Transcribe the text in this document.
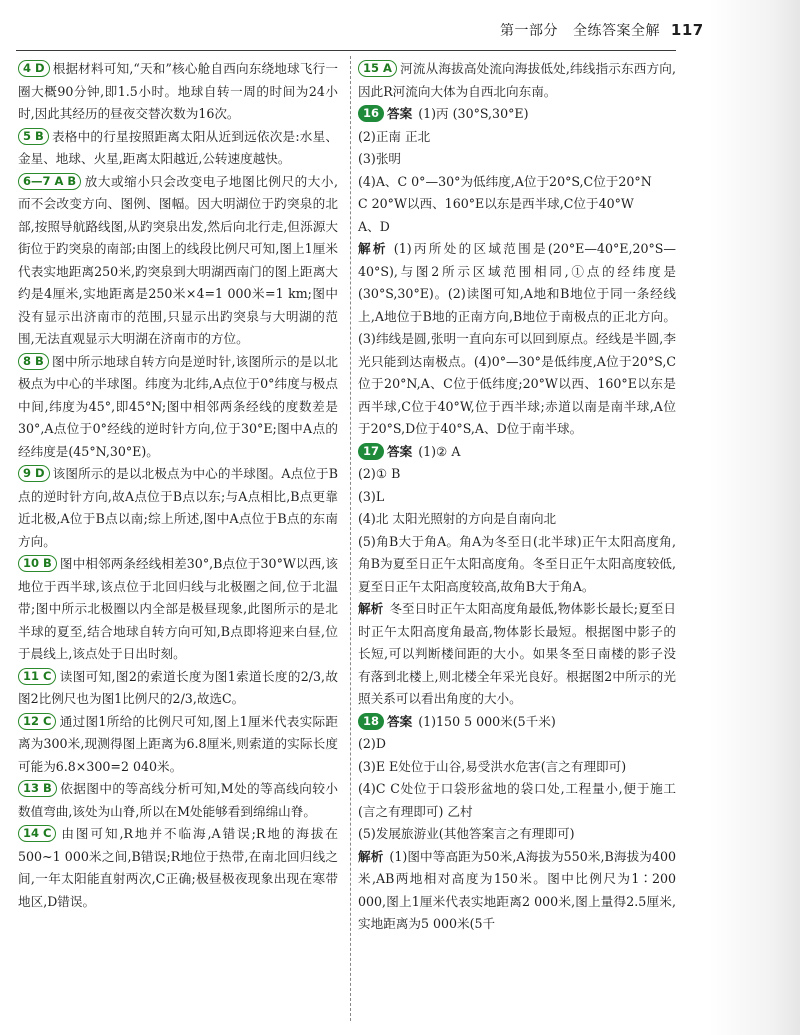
第一部分 全练答案全解 117

4 D 根据材料可知,“天和”核心舱自西向东绕地球飞行一圈大概90分钟,即1.5小时。地球自转一周的时间为24小时,因此其经历的昼夜交替次数为16次。

5 B 表格中的行星按照距离太阳从近到远依次是:水星、金星、地球、火星,距离太阳越近,公转速度越快。

6—7 A B 放大或缩小只会改变电子地图比例尺的大小,而不会改变方向、图例、图幅。因大明湖位于趵突泉的北部,按照导航路线图,从趵突泉出发,然后向北行走,但泺源大街位于趵突泉的南部;由图上的线段比例尺可知,图上1厘米代表实地距离250米,趵突泉到大明湖西南门的图上距离大约是4厘米,实地距离是250米×4=1 000米=1 km;图中没有显示出济南市的范围,只显示出趵突泉与大明湖的范围,无法直观显示大明湖在济南市的方位。

8 B 图中所示地球自转方向是逆时针,该图所示的是以北极点为中心的半球图。纬度为北纬,A点位于0°纬度与极点中间,纬度为45°,即45°N;图中相邻两条经线的度数差是30°,A点位于0°经线的逆时针方向,位于30°E;图中A点的经纬度是(45°N,30°E)。

9 D 该图所示的是以北极点为中心的半球图。A点位于B点的逆时针方向,故A点位于B点以东;与A点相比,B点更靠近北极,A位于B点以南;综上所述,图中A点位于B点的东南方向。

10 B 图中相邻两条经线相差30°,B点位于30°W以西,该地位于西半球,该点位于北回归线与北极圈之间,位于北温带;图中所示北极圈以内全部是极昼现象,此图所示的是北半球的夏至,结合地球自转方向可知,B点即将迎来白昼,位于晨线上,该点处于日出时刻。

11 C 读图可知,图2的索道长度为图1索道长度的2/3,故图2比例尺也为图1比例尺的2/3,故选C。

12 C 通过图1所给的比例尺可知,图上1厘米代表实际距离为300米,现测得图上距离为6.8厘米,则索道的实际长度可能为6.8×300=2 040米。

13 B 依据图中的等高线分析可知,M处的等高线向较小数值弯曲,该处为山脊,所以在M处能够看到绵绵山脊。

14 C 由图可知,R地并不临海,A错误;R地的海拔在500~1 000米之间,B错误;R地位于热带,在南北回归线之间,一年太阳能直射两次,C正确;极昼极夜现象出现在寒带地区,D错误。

15 A 河流从海拔高处流向海拔低处,纬线指示东西方向,因此R河流向大体为自西北向东南。

16 答案 (1)丙 (30°S,30°E)

(2)正南 正北

(3)张明

(4)A、C 0°—30°为低纬度,A位于20°S,C位于20°N

C 20°W以西、160°E以东是西半球,C位于40°W

A、D

解析 (1)丙所处的区域范围是(20°E—40°E,20°S—40°S),与图2所示区域范围相同,①点的经纬度是(30°S,30°E)。(2)读图可知,A地和B地位于同一条经线上,A地位于B地的正南方向,B地位于南极点的正北方向。(3)纬线是圆,张明一直向东可以回到原点。经线是半圆,李光只能到达南极点。(4)0°—30°是低纬度,A位于20°S,C位于20°N,A、C位于低纬度;20°W以西、160°E以东是西半球,C位于40°W,位于西半球;赤道以南是南半球,A位于20°S,D位于40°S,A、D位于南半球。

17 答案 (1)② A

(2)① B

(3)L

(4)北 太阳光照射的方向是自南向北

(5)角B大于角A。角A为冬至日(北半球)正午太阳高度角,角B为夏至日正午太阳高度角。冬至日正午太阳高度较低,夏至日正午太阳高度较高,故角B大于角A。

解析 冬至日时正午太阳高度角最低,物体影长最长;夏至日时正午太阳高度角最高,物体影长最短。根据图中影子的长短,可以判断楼间距的大小。如果冬至日南楼的影子没有落到北楼上,则北楼全年采光良好。根据图2中所示的光照关系可以看出角度的大小。

18 答案 (1)150 5 000米(5千米)

(2)D

(3)E E处位于山谷,易受洪水危害(言之有理即可)

(4)C C处位于口袋形盆地的袋口处,工程量小,便于施工(言之有理即可) 乙村

(5)发展旅游业(其他答案言之有理即可)

解析 (1)图中等高距为50米,A海拔为550米,B海拔为400米,AB两地相对高度为150米。图中比例尺为1∶200 000,图上1厘米代表实地距离2 000米,图上量得2.5厘米,实地距离为5 000米(5千
